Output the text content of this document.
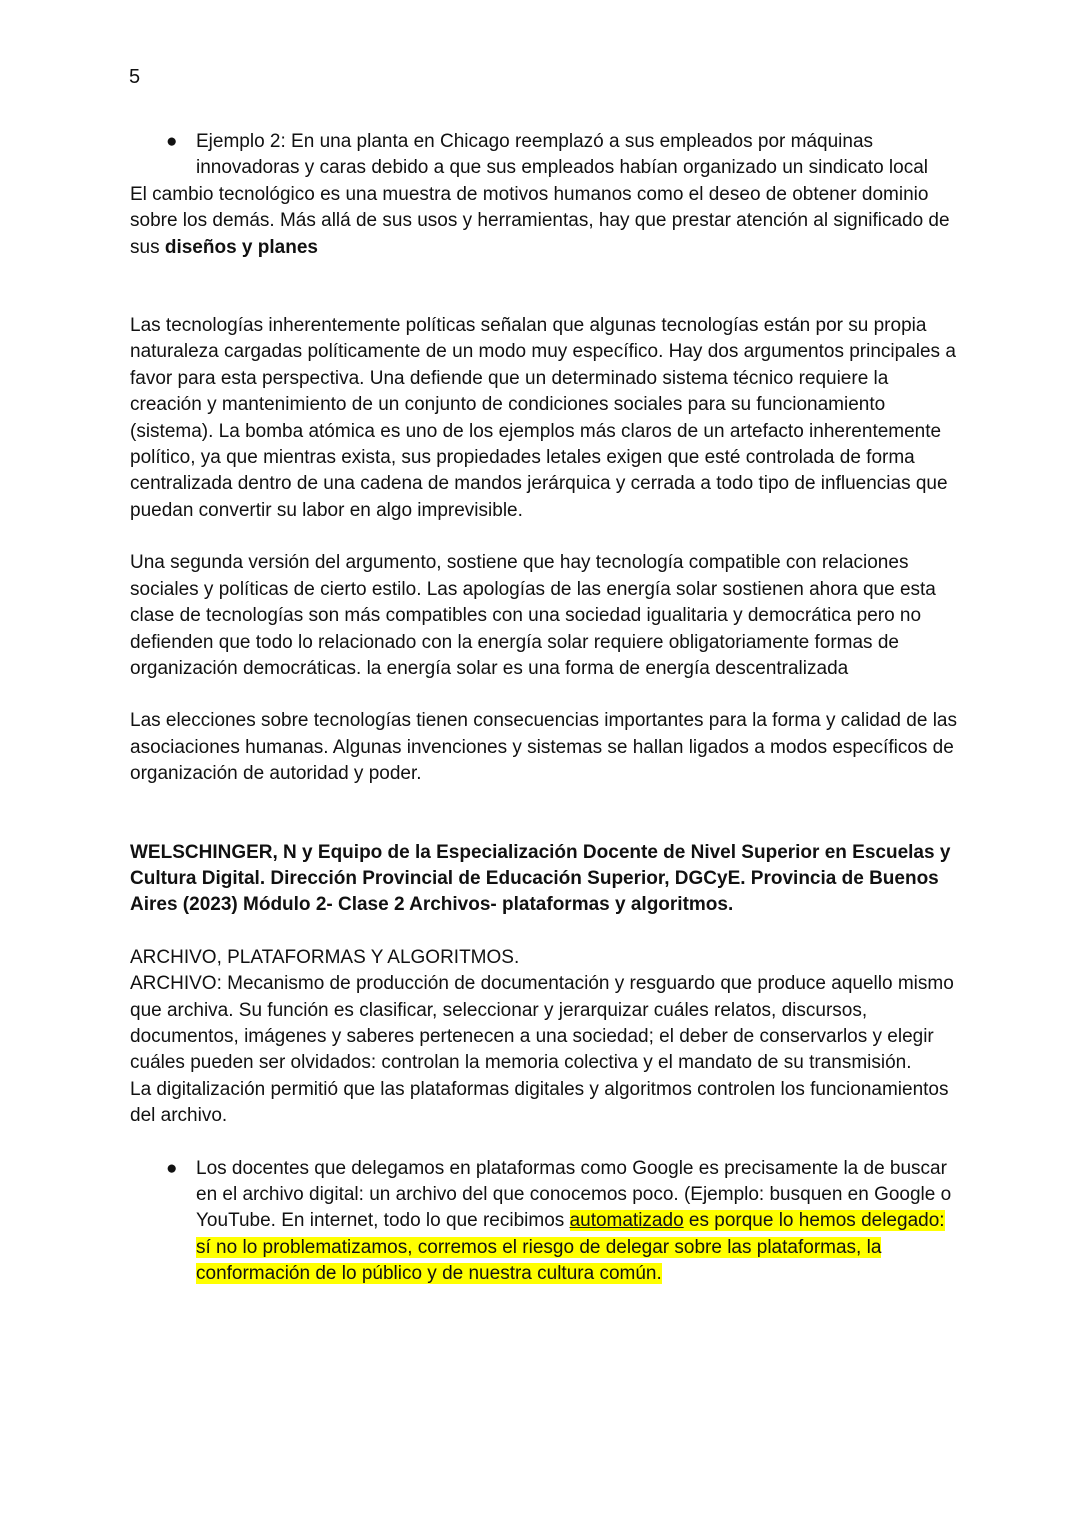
5
● Ejemplo 2: En una planta en Chicago reemplazó a sus empleados por máquinas innovadoras y caras debido a que sus empleados habían organizado un sindicato local

El cambio tecnológico es una muestra de motivos humanos como el deseo de obtener dominio sobre los demás. Más allá de sus usos y herramientas, hay que prestar atención al significado de sus diseños y planes

Las tecnologías inherentemente políticas señalan que algunas tecnologías están por su propia naturaleza cargadas políticamente de un modo muy específico. Hay dos argumentos principales a favor para esta perspectiva. Una defiende que un determinado sistema técnico requiere la creación y mantenimiento de un conjunto de condiciones sociales para su funcionamiento (sistema). La bomba atómica es uno de los ejemplos más claros de un artefacto inherentemente político, ya que mientras exista, sus propiedades letales exigen que esté controlada de forma centralizada dentro de una cadena de mandos jerárquica y cerrada a todo tipo de influencias que puedan convertir su labor en algo imprevisible.

Una segunda versión del argumento, sostiene que hay tecnología compatible con relaciones sociales y políticas de cierto estilo. Las apologías de las energía solar sostienen ahora que esta clase de tecnologías son más compatibles con una sociedad igualitaria y democrática pero no defienden que todo lo relacionado con la energía solar requiere obligatoriamente formas de organización democráticas. la energía solar es una forma de energía descentralizada

Las elecciones sobre tecnologías tienen consecuencias importantes para la forma y calidad de las asociaciones humanas. Algunas invenciones y sistemas se hallan ligados a modos específicos de organización de autoridad y poder.

WELSCHINGER, N y Equipo de la Especialización Docente de Nivel Superior en Escuelas y Cultura Digital. Dirección Provincial de Educación Superior, DGCyE. Provincia de Buenos Aires (2023) Módulo 2- Clase 2 Archivos- plataformas y algoritmos.

ARCHIVO, PLATAFORMAS Y ALGORITMOS.

ARCHIVO: Mecanismo de producción de documentación y resguardo que produce aquello mismo que archiva. Su función es clasificar, seleccionar y jerarquizar cuáles relatos, discursos, documentos, imágenes y saberes pertenecen a una sociedad; el deber de conservarlos y elegir cuáles pueden ser olvidados: controlan la memoria colectiva y el mandato de su transmisión.

La digitalización permitió que las plataformas digitales y algoritmos controlen los funcionamientos del archivo.

● Los docentes que delegamos en plataformas como Google es precisamente la de buscar en el archivo digital: un archivo del que conocemos poco. (Ejemplo: busquen en Google o YouTube. En internet, todo lo que recibimos automatizado es porque lo hemos delegado: sí no lo problematizamos, corremos el riesgo de delegar sobre las plataformas, la conformación de lo público y de nuestra cultura común.
